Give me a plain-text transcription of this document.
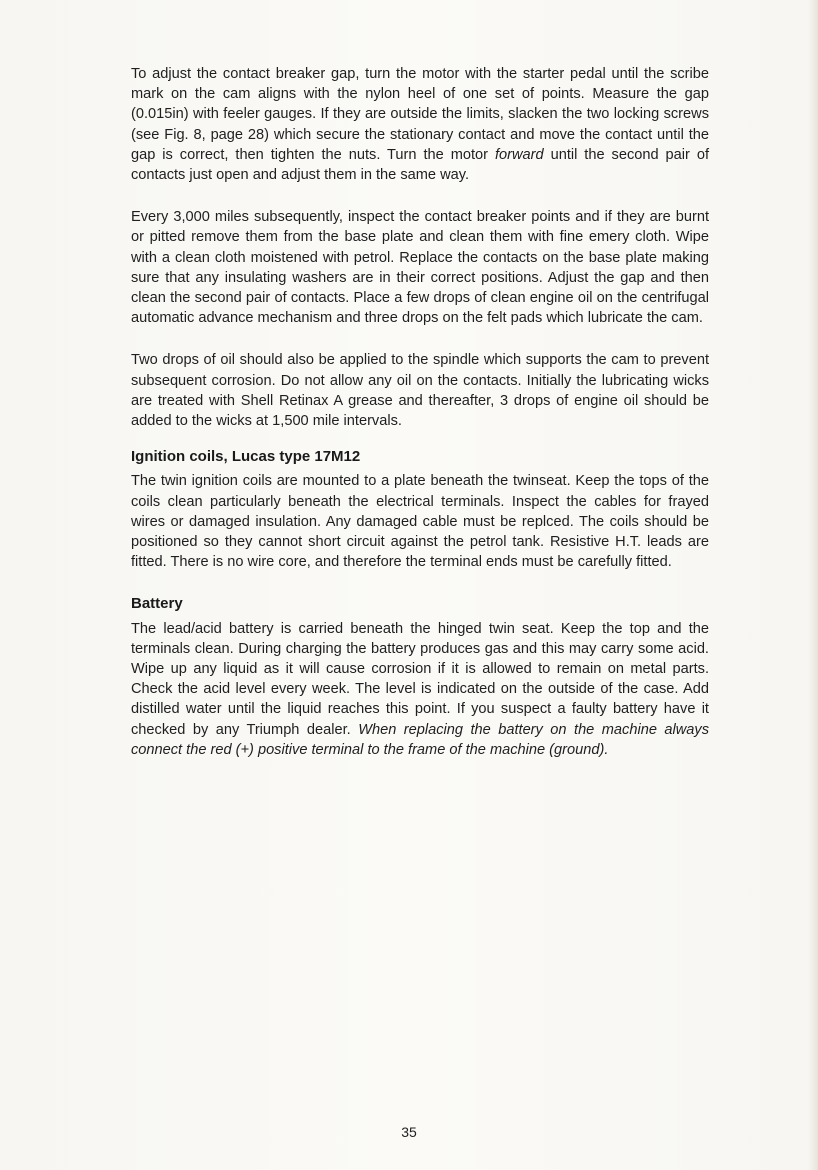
To adjust the contact breaker gap, turn the motor with the starter pedal until the scribe mark on the cam aligns with the nylon heel of one set of points. Measure the gap (0.015in) with feeler gauges. If they are outside the limits, slacken the two locking screws (see Fig. 8, page 28) which secure the stationary contact and move the contact until the gap is correct, then tighten the nuts. Turn the motor forward until the second pair of contacts just open and adjust them in the same way.

Every 3,000 miles subsequently, inspect the contact breaker points and if they are burnt or pitted remove them from the base plate and clean them with fine emery cloth. Wipe with a clean cloth moistened with petrol. Replace the contacts on the base plate making sure that any insulating washers are in their correct positions. Adjust the gap and then clean the second pair of contacts. Place a few drops of clean engine oil on the centrifugal automatic advance mechanism and three drops on the felt pads which lubricate the cam.

Two drops of oil should also be applied to the spindle which supports the cam to prevent subsequent corrosion. Do not allow any oil on the contacts. Initially the lubricating wicks are treated with Shell Retinax A grease and thereafter, 3 drops of engine oil should be added to the wicks at 1,500 mile intervals.

Ignition coils, Lucas type 17M12

The twin ignition coils are mounted to a plate beneath the twinseat. Keep the tops of the coils clean particularly beneath the electrical terminals. Inspect the cables for frayed wires or damaged insulation. Any damaged cable must be replced. The coils should be positioned so they cannot short circuit against the petrol tank. Resistive H.T. leads are fitted. There is no wire core, and therefore the terminal ends must be carefully fitted.

Battery

The lead/acid battery is carried beneath the hinged twin seat. Keep the top and the terminals clean. During charging the battery produces gas and this may carry some acid. Wipe up any liquid as it will cause corrosion if it is allowed to remain on metal parts. Check the acid level every week. The level is indicated on the outside of the case. Add distilled water until the liquid reaches this point. If you suspect a faulty battery have it checked by any Triumph dealer. When replacing the battery on the machine always connect the red (+) positive terminal to the frame of the machine (ground).

35
